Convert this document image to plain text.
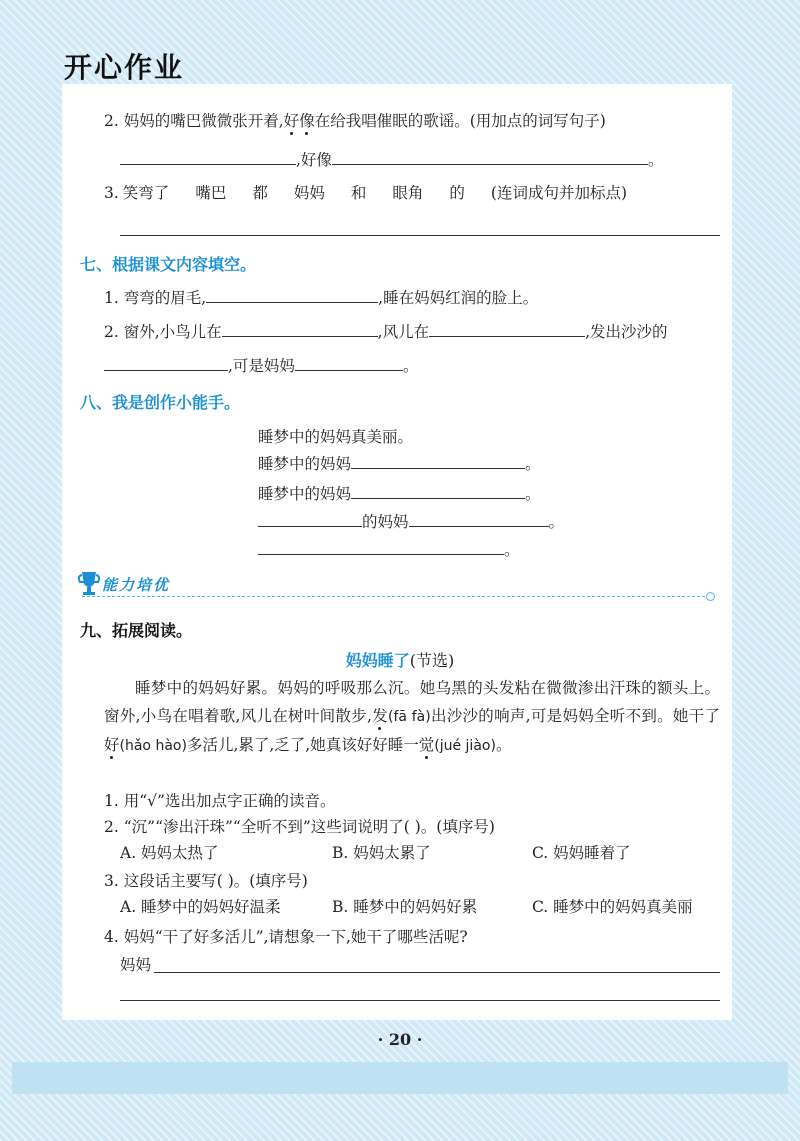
开心作业
2. 妈妈的嘴巴微微张开着,好像在给我唱催眠的歌谣。(用加点的词写句子)
,好像	。
3. 笑弯了 嘴巴 都 妈妈 和 眼角 的 (连词成句并加标点)
七、根据课文内容填空。
1. 弯弯的眉毛,	,睡在妈妈红润的脸上。
2. 窗外,小鸟儿在	,风儿在	,发出沙沙的
,可是妈妈	。
八、我是创作小能手。
睡梦中的妈妈真美丽。
睡梦中的妈妈	。
睡梦中的妈妈	。
的妈妈	。
。
能力培优
九、拓展阅读。
妈妈睡了(节选)

睡梦中的妈妈好累。妈妈的呼吸那么沉。她乌黑的头发粘在微微渗出汗珠的额头上。窗外,小鸟在唱着歌,风儿在树叶间散步,发(fā fà)出沙沙的响声,可是妈妈全听不到。她干了好(hǎo hào)多活儿,累了,乏了,她真该好好睡一觉(jué jiào)。

1. 用“√”选出加点字正确的读音。
2. “沉”“渗出汗珠”“全听不到”这些词说明了( )。(填序号)
A. 妈妈太热了	B. 妈妈太累了	C. 妈妈睡着了
3. 这段话主要写( )。(填序号)
A. 睡梦中的妈妈好温柔	B. 睡梦中的妈妈好累	C. 睡梦中的妈妈真美丽
4. 妈妈“干了好多活儿”,请想象一下,她干了哪些活呢?
妈妈
· 20 ·
